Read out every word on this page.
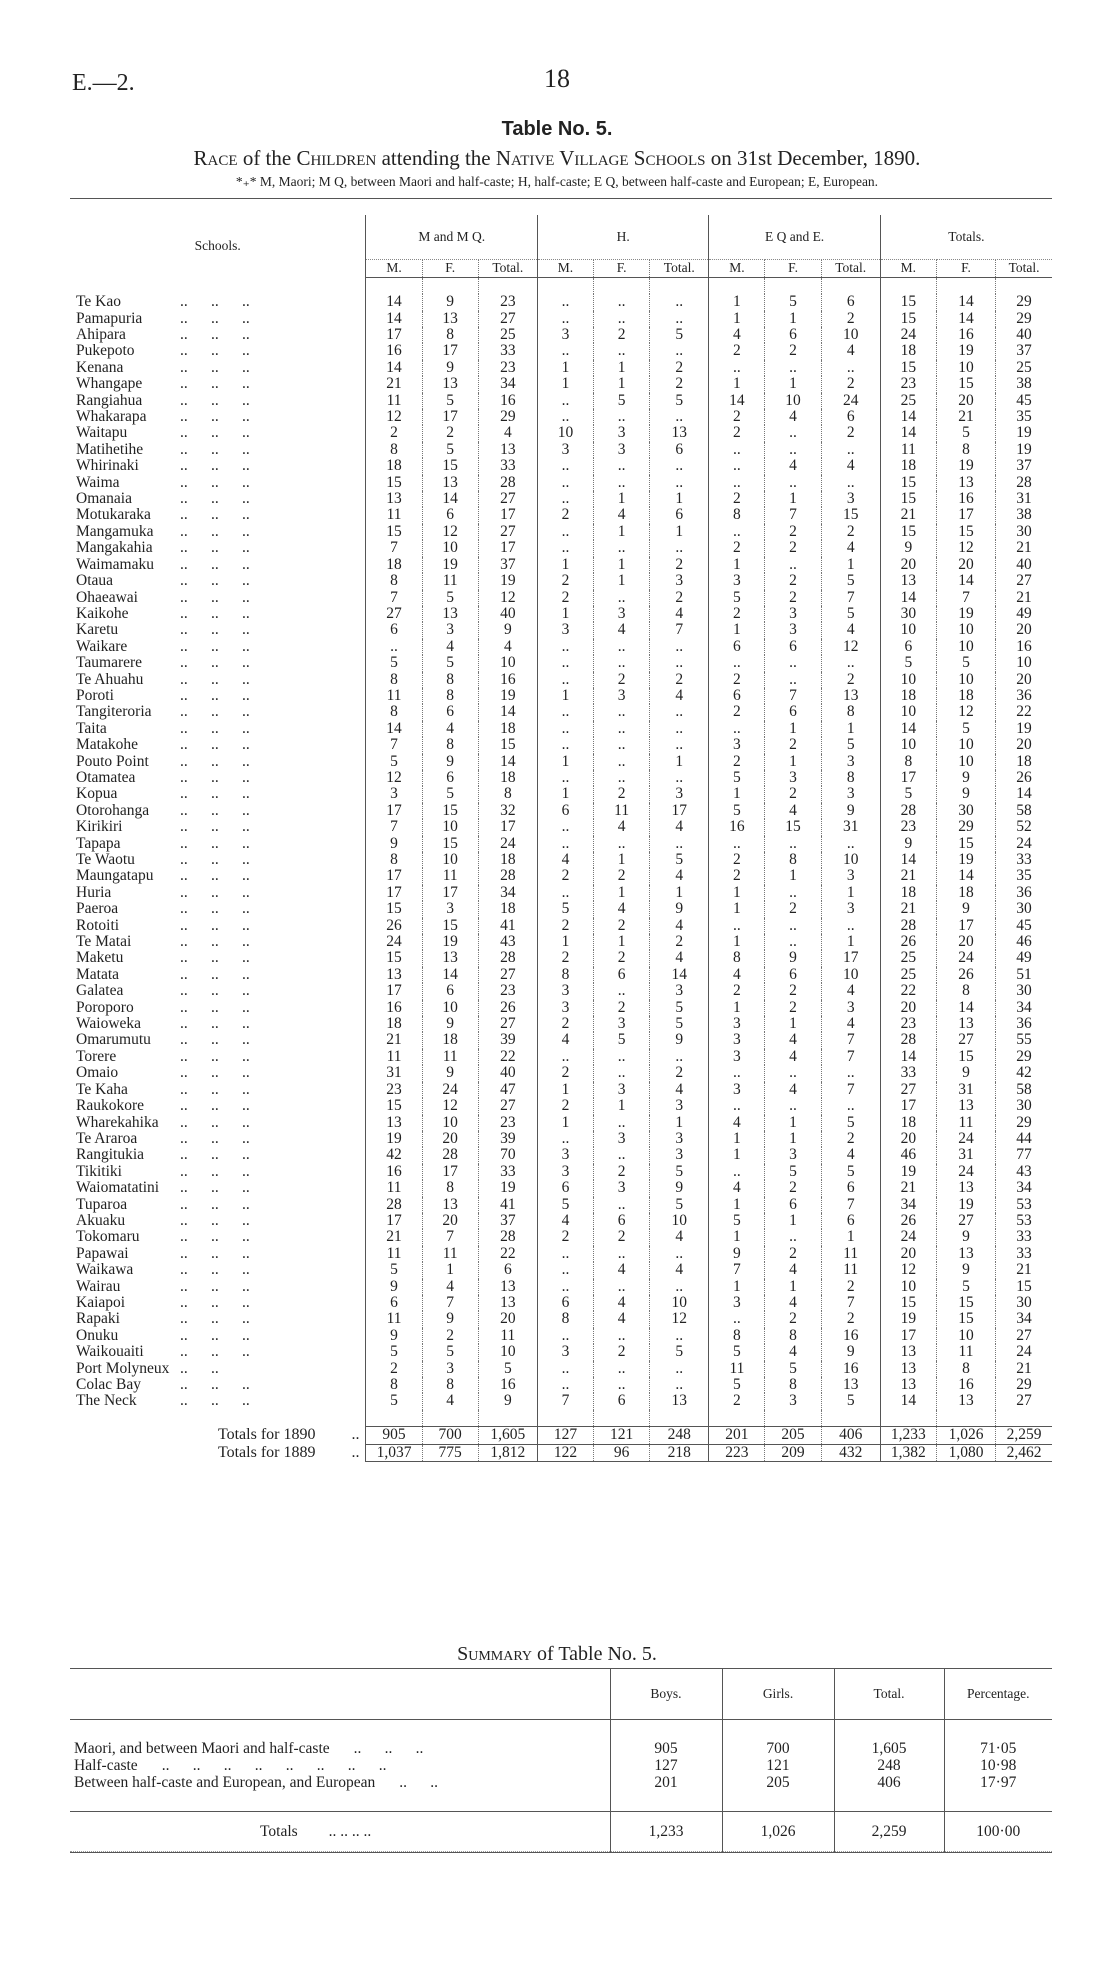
E.—2.	18
Table No. 5.
Race of the Children attending the Native Village Schools on 31st December, 1890.
*₊* M, Maori; M Q, between Maori and half-caste; H, half-caste; E Q, between half-caste and European; E, European.

Schools.	M and M Q.			H.			E Q and E.			Totals.		
	M.	F.	Total.	M.	F.	Total.	M.	F.	Total.	M.	F.	Total.

Te Kao ..      ..      ..	14	9	23	..	..	..	1	5	6	15	14	29
Pamapuria ..      ..      ..	14	13	27	..	..	..	1	1	2	15	14	29
Ahipara ..      ..      ..	17	8	25	3	2	5	4	6	10	24	16	40
Pukepoto ..      ..      ..	16	17	33	..	..	..	2	2	4	18	19	37
Kenana ..      ..      ..	14	9	23	1	1	2	..	..	..	15	10	25
Whangape ..      ..      ..	21	13	34	1	1	2	1	1	2	23	15	38
Rangiahua ..      ..      ..	11	5	16	..	5	5	14	10	24	25	20	45
Whakarapa ..      ..      ..	12	17	29	..	..	..	2	4	6	14	21	35
Waitapu ..      ..      ..	2	2	4	10	3	13	2	..	2	14	5	19
Matihetihe ..      ..      ..	8	5	13	3	3	6	..	..	..	11	8	19
Whirinaki ..      ..      ..	18	15	33	..	..	..	..	4	4	18	19	37
Waima ..      ..      ..	15	13	28	..	..	..	..	..	..	15	13	28
Omanaia ..      ..      ..	13	14	27	..	1	1	2	1	3	15	16	31
Motukaraka ..      ..      ..	11	6	17	2	4	6	8	7	15	21	17	38
Mangamuka ..      ..      ..	15	12	27	..	1	1	..	2	2	15	15	30
Mangakahia ..      ..      ..	7	10	17	..	..	..	2	2	4	9	12	21
Waimamaku ..      ..      ..	18	19	37	1	1	2	1	..	1	20	20	40
Otaua ..      ..      ..	8	11	19	2	1	3	3	2	5	13	14	27
Ohaeawai ..      ..      ..	7	5	12	2	..	2	5	2	7	14	7	21
Kaikohe ..      ..      ..	27	13	40	1	3	4	2	3	5	30	19	49
Karetu ..      ..      ..	6	3	9	3	4	7	1	3	4	10	10	20
Waikare ..      ..      ..	..	4	4	..	..	..	6	6	12	6	10	16
Taumarere ..      ..      ..	5	5	10	..	..	..	..	..	..	5	5	10
Te Ahuahu ..      ..      ..	8	8	16	..	2	2	2	..	2	10	10	20
Poroti ..      ..      ..	11	8	19	1	3	4	6	7	13	18	18	36
Tangiteroria ..      ..      ..	8	6	14	..	..	..	2	6	8	10	12	22
Taita ..      ..      ..	14	4	18	..	..	..	..	1	1	14	5	19
Matakohe ..      ..      ..	7	8	15	..	..	..	3	2	5	10	10	20
Pouto Point ..      ..      ..	5	9	14	1	..	1	2	1	3	8	10	18
Otamatea ..      ..      ..	12	6	18	..	..	..	5	3	8	17	9	26
Kopua ..      ..      ..	3	5	8	1	2	3	1	2	3	5	9	14
Otorohanga ..      ..      ..	17	15	32	6	11	17	5	4	9	28	30	58
Kirikiri ..      ..      ..	7	10	17	..	4	4	16	15	31	23	29	52
Tapapa ..      ..      ..	9	15	24	..	..	..	..	..	..	9	15	24
Te Waotu ..      ..      ..	8	10	18	4	1	5	2	8	10	14	19	33
Maungatapu ..      ..      ..	17	11	28	2	2	4	2	1	3	21	14	35
Huria ..      ..      ..	17	17	34	..	1	1	1	..	1	18	18	36
Paeroa ..      ..      ..	15	3	18	5	4	9	1	2	3	21	9	30
Rotoiti ..      ..      ..	26	15	41	2	2	4	..	..	..	28	17	45
Te Matai ..      ..      ..	24	19	43	1	1	2	1	..	1	26	20	46
Maketu ..      ..      ..	15	13	28	2	2	4	8	9	17	25	24	49
Matata ..      ..      ..	13	14	27	8	6	14	4	6	10	25	26	51
Galatea ..      ..      ..	17	6	23	3	..	3	2	2	4	22	8	30
Poroporo ..      ..      ..	16	10	26	3	2	5	1	2	3	20	14	34
Waioweka ..      ..      ..	18	9	27	2	3	5	3	1	4	23	13	36
Omarumutu ..      ..      ..	21	18	39	4	5	9	3	4	7	28	27	55
Torere ..      ..      ..	11	11	22	..	..	..	3	4	7	14	15	29
Omaio ..      ..      ..	31	9	40	2	..	2	..	..	..	33	9	42
Te Kaha ..      ..      ..	23	24	47	1	3	4	3	4	7	27	31	58
Raukokore ..      ..      ..	15	12	27	2	1	3	..	..	..	17	13	30
Wharekahika ..      ..      ..	13	10	23	1	..	1	4	1	5	18	11	29
Te Araroa ..      ..      ..	19	20	39	..	3	3	1	1	2	20	24	44
Rangitukia ..      ..      ..	42	28	70	3	..	3	1	3	4	46	31	77
Tikitiki ..      ..      ..	16	17	33	3	2	5	..	5	5	19	24	43
Waiomatatini ..      ..      ..	11	8	19	6	3	9	4	2	6	21	13	34
Tuparoa ..      ..      ..	28	13	41	5	..	5	1	6	7	34	19	53
Akuaku ..      ..      ..	17	20	37	4	6	10	5	1	6	26	27	53
Tokomaru ..      ..      ..	21	7	28	2	2	4	1	..	1	24	9	33
Papawai ..      ..      ..	11	11	22	..	..	..	9	2	11	20	13	33
Waikawa ..      ..      ..	5	1	6	..	4	4	7	4	11	12	9	21
Wairau ..      ..      ..	9	4	13	..	..	..	1	1	2	10	5	15
Kaiapoi ..      ..      ..	6	7	13	6	4	10	3	4	7	15	15	30
Rapaki ..      ..      ..	11	9	20	8	4	12	..	2	2	19	15	34
Onuku ..      ..      ..	9	2	11	..	..	..	8	8	16	17	10	27
Waikouaiti ..      ..      ..	5	5	10	3	2	5	5	4	9	13	11	24
Port Molyneux ..      ..	2	3	5	..	..	..	11	5	16	13	8	21
Colac Bay ..      ..      ..	8	8	16	..	..	..	5	8	13	13	16	29
The Neck ..      ..      ..	5	4	9	7	6	13	2	3	5	14	13	27

Totals for 1890 ..	905	700	1,605	127	121	248	201	205	406	1,233	1,026	2,259
Totals for 1889 ..	1,037	775	1,812	122	96	218	223	209	432	1,382	1,080	2,462
Summary of Table No. 5.
	Boys.	Girls.	Total.	Percentage.

Maori, and between Maori and half-caste ..      ..      ..	905	700	1,605	71·05
Half-caste ..      ..      ..      ..      ..      ..      ..      ..	127	121	248	10·98
Between half-caste and European, and European ..      ..	201	205	406	17·97

Totals .. .. .. ..	1,233	1,026	2,259	100·00
